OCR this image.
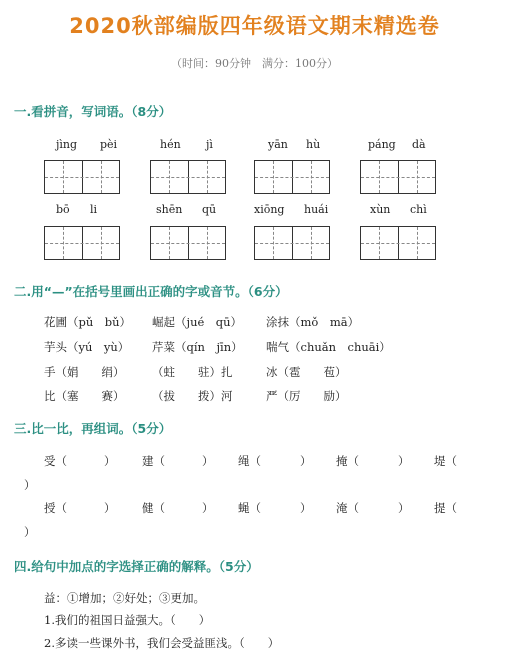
2020秋部编版四年级语文期末精选卷
（时间：90分钟　满分：100分）
一.看拼音，写词语。（8分）
jìng pèi	hén jì	yān hù	páng dà
bō li	shēn qū	xiōng huái	xùn chì
二.用“—”在括号里画出正确的字或音节。（6分）
花圃（pǔ　bǔ） 崛起（jué　qū） 涂抹（mǒ　mā）
芋头（yú　yù） 芹菜（qín　jīn） 喘气（chuǎn　chuāi）
手（娟　　绢） （蛀　　驻）扎	冰（雹　　苞）
比（塞　　赛） （拔　　拨）河	严（厉　　励）
三.比一比，再组词。（5分）
受（	） 建（	） 绳（	） 掩（	） 堤（
）
授（	） 健（	） 蝇（	） 淹（	） 提（
）
四.给句中加点的字选择正确的解释。（5分）
益：①增加；②好处；③更加。
1.我们的祖国日益强大。（　　）
2.多读一些课外书，我们会受益匪浅。（　　）
